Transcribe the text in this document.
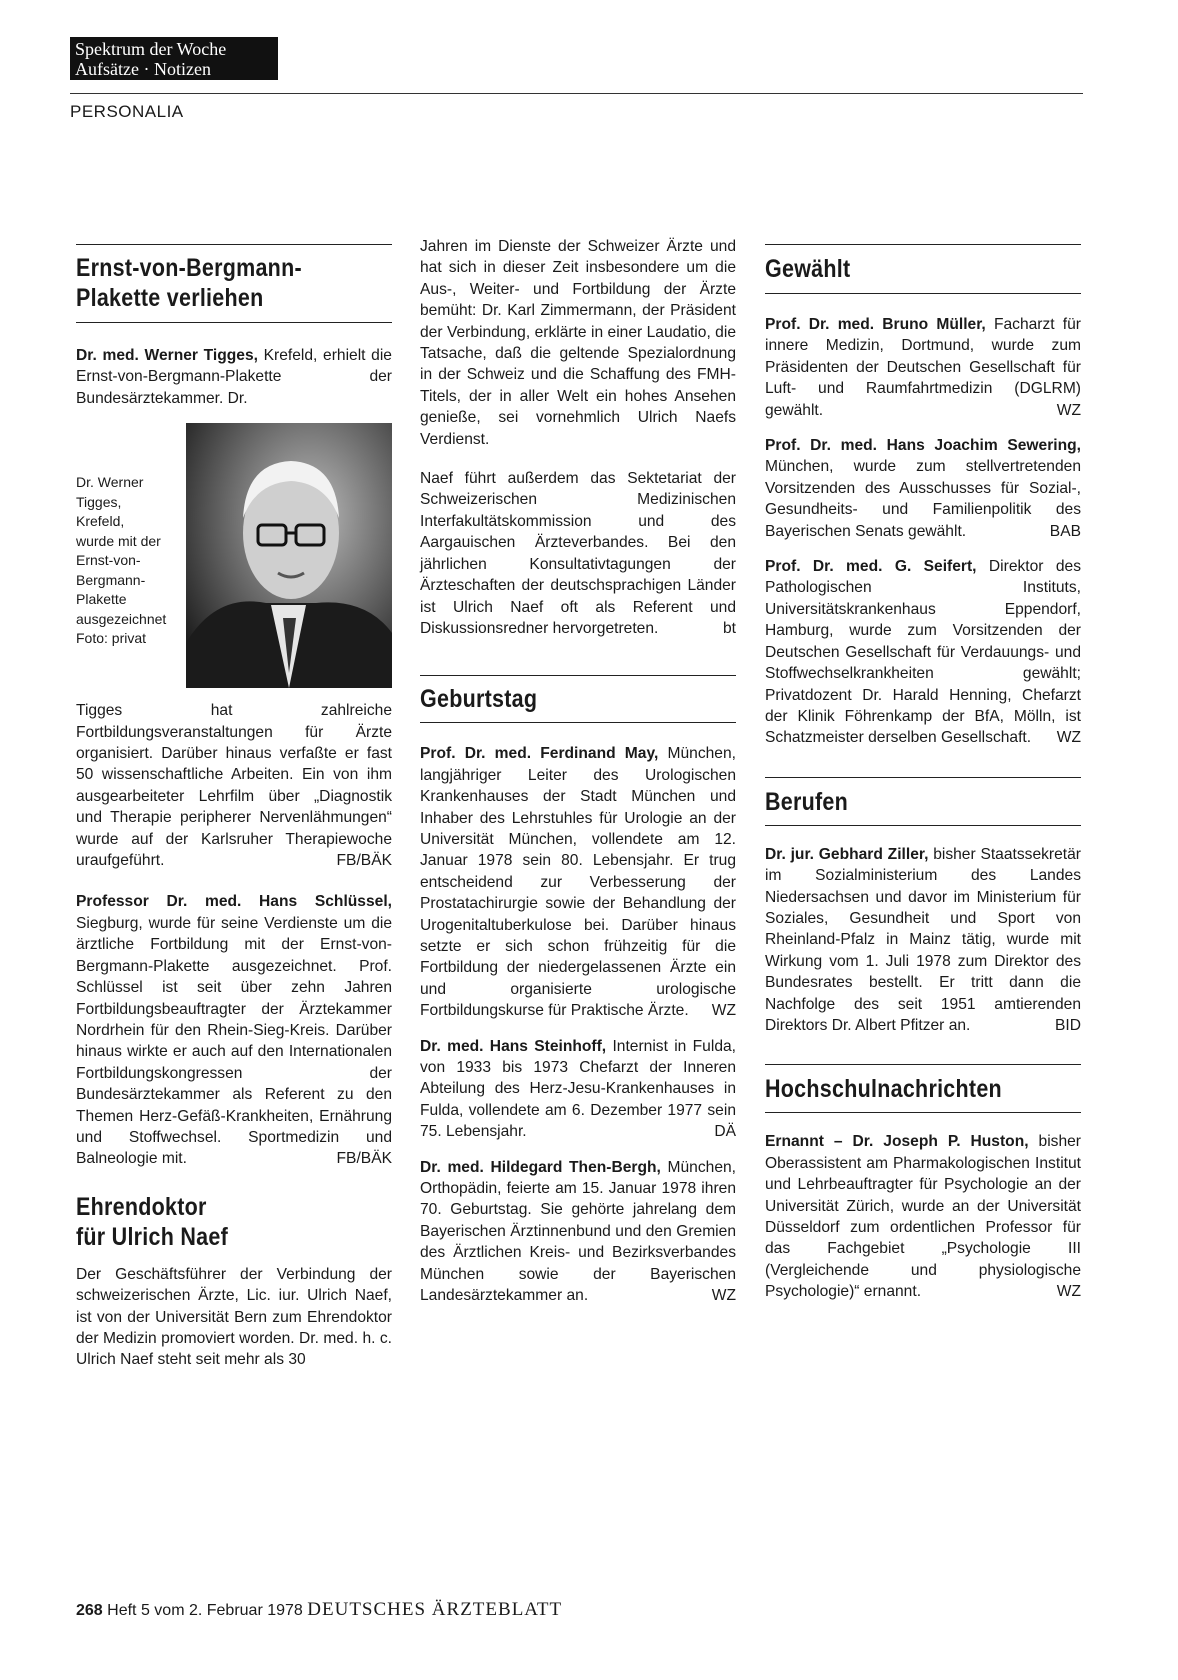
Spektrum der Woche
Aufsätze · Notizen
PERSONALIA
Ernst-von-Bergmann-
Plakette verliehen

Dr. med. Werner Tigges, Krefeld, erhielt die Ernst-von-Bergmann-Plakette der Bundesärztekammer. Dr.

Dr. Werner Tigges, Krefeld, wurde mit der Ernst-von-Bergmann-Plakette ausgezeichnet Foto: privat

Tigges hat zahlreiche Fortbildungsveranstaltungen für Ärzte organisiert. Darüber hinaus verfaßte er fast 50 wissenschaftliche Arbeiten. Ein von ihm ausgearbeiteter Lehrfilm über „Diagnostik und Therapie peripherer Nervenlähmungen“ wurde auf der Karlsruher Therapiewoche uraufgeführt.	FB/BÄK

Professor Dr. med. Hans Schlüssel, Siegburg, wurde für seine Verdienste um die ärztliche Fortbildung mit der Ernst-von-Bergmann-Plakette ausgezeichnet. Prof. Schlüssel ist seit über zehn Jahren Fortbildungsbeauftragter der Ärztekammer Nordrhein für den Rhein-Sieg-Kreis. Darüber hinaus wirkte er auch auf den Internationalen Fortbildungskongressen der Bundesärztekammer als Referent zu den Themen Herz-Gefäß-Krankheiten, Ernährung und Stoffwechsel. Sportmedizin und Balneologie mit.	FB/BÄK

Ehrendoktor
für Ulrich Naef

Der Geschäftsführer der Verbindung der schweizerischen Ärzte, Lic. iur. Ulrich Naef, ist von der Universität Bern zum Ehrendoktor der Medizin promoviert worden. Dr. med. h. c. Ulrich Naef steht seit mehr als 30

Jahren im Dienste der Schweizer Ärzte und hat sich in dieser Zeit insbesondere um die Aus-, Weiter- und Fortbildung der Ärzte bemüht: Dr. Karl Zimmermann, der Präsident der Verbindung, erklärte in einer Laudatio, die Tatsache, daß die geltende Spezialordnung in der Schweiz und die Schaffung des FMH-Titels, der in aller Welt ein hohes Ansehen genieße, sei vornehmlich Ulrich Naefs Verdienst.

Naef führt außerdem das Sektetariat der Schweizerischen Medizinischen Interfakultätskommission und des Aargauischen Ärzteverbandes. Bei den jährlichen Konsultativtagungen der Ärzteschaften der deutschsprachigen Länder ist Ulrich Naef oft als Referent und Diskussionsredner hervorgetreten.	bt

Geburtstag

Prof. Dr. med. Ferdinand May, München, langjähriger Leiter des Urologischen Krankenhauses der Stadt München und Inhaber des Lehrstuhles für Urologie an der Universität München, vollendete am 12. Januar 1978 sein 80. Lebensjahr. Er trug entscheidend zur Verbesserung der Prostatachirurgie sowie der Behandlung der Urogenitaltuberkulose bei. Darüber hinaus setzte er sich schon frühzeitig für die Fortbildung der niedergelassenen Ärzte ein und organisierte urologische Fortbildungskurse für Praktische Ärzte. WZ

Dr. med. Hans Steinhoff, Internist in Fulda, von 1933 bis 1973 Chefarzt der Inneren Abteilung des Herz-Jesu-Krankenhauses in Fulda, vollendete am 6. Dezember 1977 sein 75. Lebensjahr.	DÄ

Dr. med. Hildegard Then-Bergh, München, Orthopädin, feierte am 15. Januar 1978 ihren 70. Geburtstag. Sie gehörte jahrelang dem Bayerischen Ärztinnenbund und den Gremien des Ärztlichen Kreis- und Bezirksverbandes München sowie der Bayerischen Landesärztekammer an.	WZ

Gewählt

Prof. Dr. med. Bruno Müller, Facharzt für innere Medizin, Dortmund, wurde zum Präsidenten der Deutschen Gesellschaft für Luft- und Raumfahrtmedizin (DGLRM) gewählt.	WZ

Prof. Dr. med. Hans Joachim Sewering, München, wurde zum stellvertretenden Vorsitzenden des Ausschusses für Sozial-, Gesundheits- und Familienpolitik des Bayerischen Senats gewählt.	BAB

Prof. Dr. med. G. Seifert, Direktor des Pathologischen Instituts, Universitätskrankenhaus Eppendorf, Hamburg, wurde zum Vorsitzenden der Deutschen Gesellschaft für Verdauungs- und Stoffwechselkrankheiten gewählt; Privatdozent Dr. Harald Henning, Chefarzt der Klinik Föhrenkamp der BfA, Mölln, ist Schatzmeister derselben Gesellschaft. WZ

Berufen

Dr. jur. Gebhard Ziller, bisher Staatssekretär im Sozialministerium des Landes Niedersachsen und davor im Ministerium für Soziales, Gesundheit und Sport von Rheinland-Pfalz in Mainz tätig, wurde mit Wirkung vom 1. Juli 1978 zum Direktor des Bundesrates bestellt. Er tritt dann die Nachfolge des seit 1951 amtierenden Direktors Dr. Albert Pfitzer an.	BID

Hochschulnachrichten

Ernannt – Dr. Joseph P. Huston, bisher Oberassistent am Pharmakologischen Institut und Lehrbeauftragter für Psychologie an der Universität Zürich, wurde an der Universität Düsseldorf zum ordentlichen Professor für das Fachgebiet „Psychologie III (Vergleichende und physiologische Psychologie)“ ernannt.	WZ

268 Heft 5 vom 2. Februar 1978 DEUTSCHES ÄRZTEBLATT
